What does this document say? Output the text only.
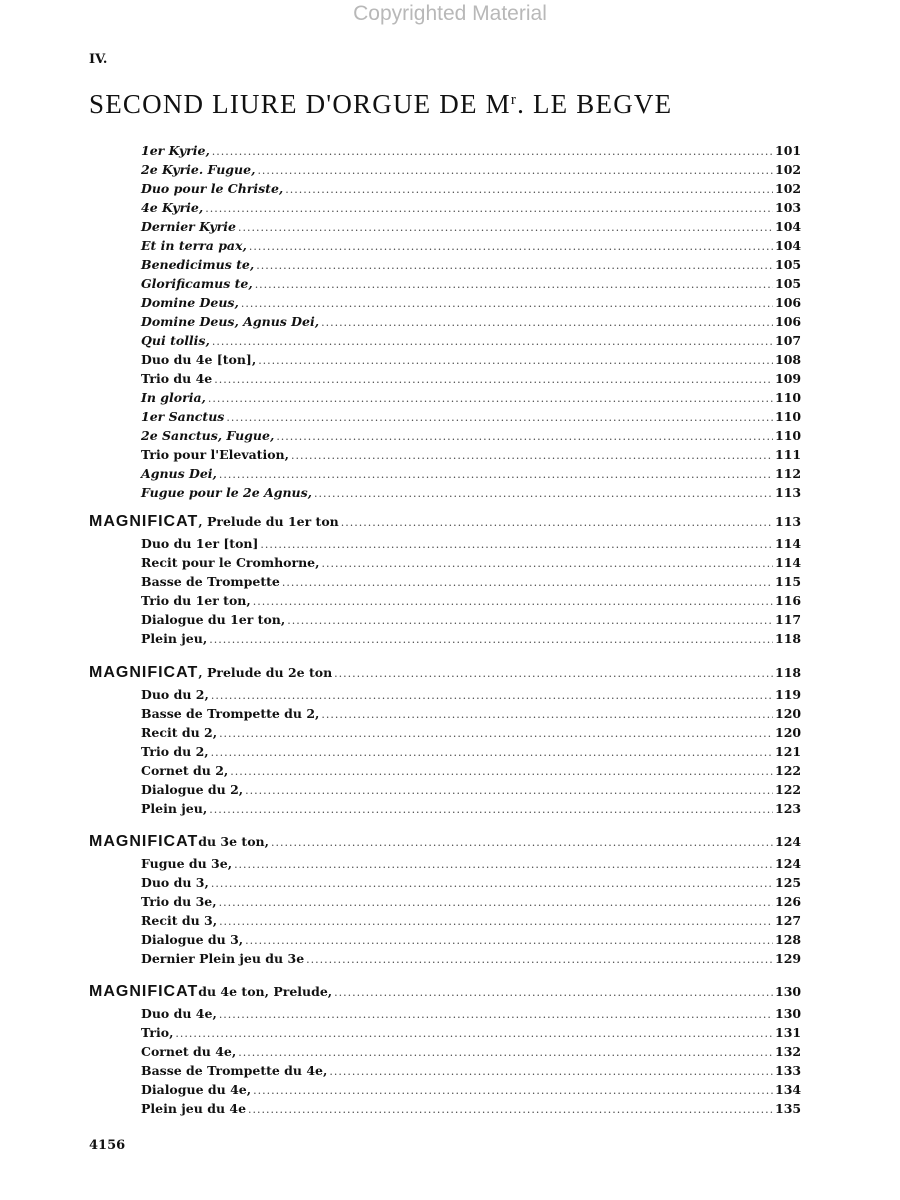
Copyrighted Material
IV.
SECOND LIURE D'ORGUE DE $M^r$. LE BEGVE
1er Kyrie, .....	101
2e Kyrie. Fugue, .....	102
Duo pour le Christe, .....	102
4e Kyrie, .....	103
Dernier Kyrie .....	104
Et in terra pax, .....	104
Benedicimus te, .....	105
Glorificamus te, .....	105
Domine Deus, .....	106
Domine Deus, Agnus Dei, .....	106
Qui tollis, .....	107
Duo du 4e [ton], .....	108
Trio du 4e .....	109
In gloria, .....	110
1er Sanctus .....	110
2e Sanctus, Fugue, .....	110
Trio pour l'Elevation, .....	111
Agnus Dei, .....	112
Fugue pour le 2e Agnus, .....	113
MAGNIFICAT , Prelude du 1er ton .....	113
Duo du 1er [ton] .....	114
Recit pour le Cromhorne, .....	114
Basse de Trompette .....	115
Trio du 1er ton, .....	116
Dialogue du 1er ton, .....	117
Plein jeu, .....	118
MAGNIFICAT , Prelude du 2e ton .....	118
Duo du 2, .....	119
Basse de Trompette du 2, .....	120
Recit du 2, .....	120
Trio du 2, .....	121
Cornet du 2, .....	122
Dialogue du 2, .....	122
Plein jeu, .....	123
MAGNIFICAT du 3e ton, .....	124
Fugue du 3e, .....	124
Duo du 3, .....	125
Trio du 3e, .....	126
Recit du 3, .....	127
Dialogue du 3, .....	128
Dernier Plein jeu du 3e .....	129
MAGNIFICAT du 4e ton, Prelude, .....	130
Duo du 4e, .....	130
Trio, .....	131
Cornet du 4e, .....	132
Basse de Trompette du 4e, .....	133
Dialogue du 4e, .....	134
Plein jeu du 4e .....	135
4156
